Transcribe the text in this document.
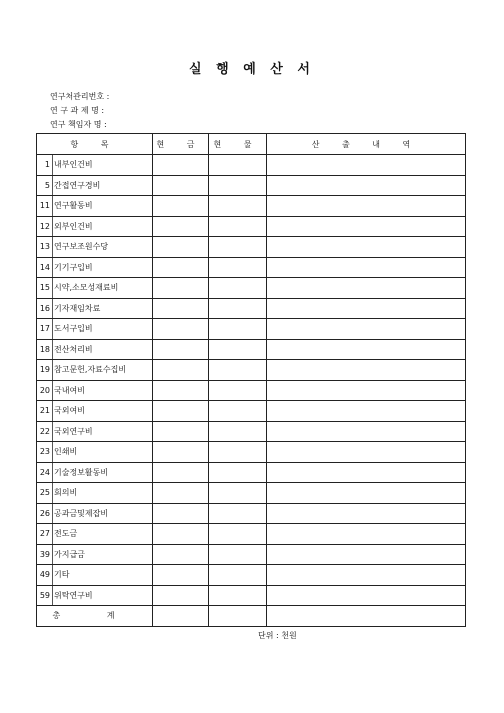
실 행 예 산 서
연구처관리번호 :
연 구 과 제 명 :
연구 책임자 명 :
항 목		현 금	현 물	산 출 내 역
1	내부인건비			
5	간접연구경비			
11	연구활동비			
12	외부인건비			
13	연구보조원수당			
14	기기구입비			
15	시약,소모성재료비			
16	기자재임차료			
17	도서구입비			
18	전산처리비			
19	참고문헌,자료수집비			
20	국내여비			
21	국외여비			
22	국외연구비			
23	인쇄비			
24	기술정보활동비			
25	회의비			
26	공과금및제잡비			
27	전도금			
39	가지급금			
49	기타			
59	위탁연구비			
총 계				
단위 : 천원
